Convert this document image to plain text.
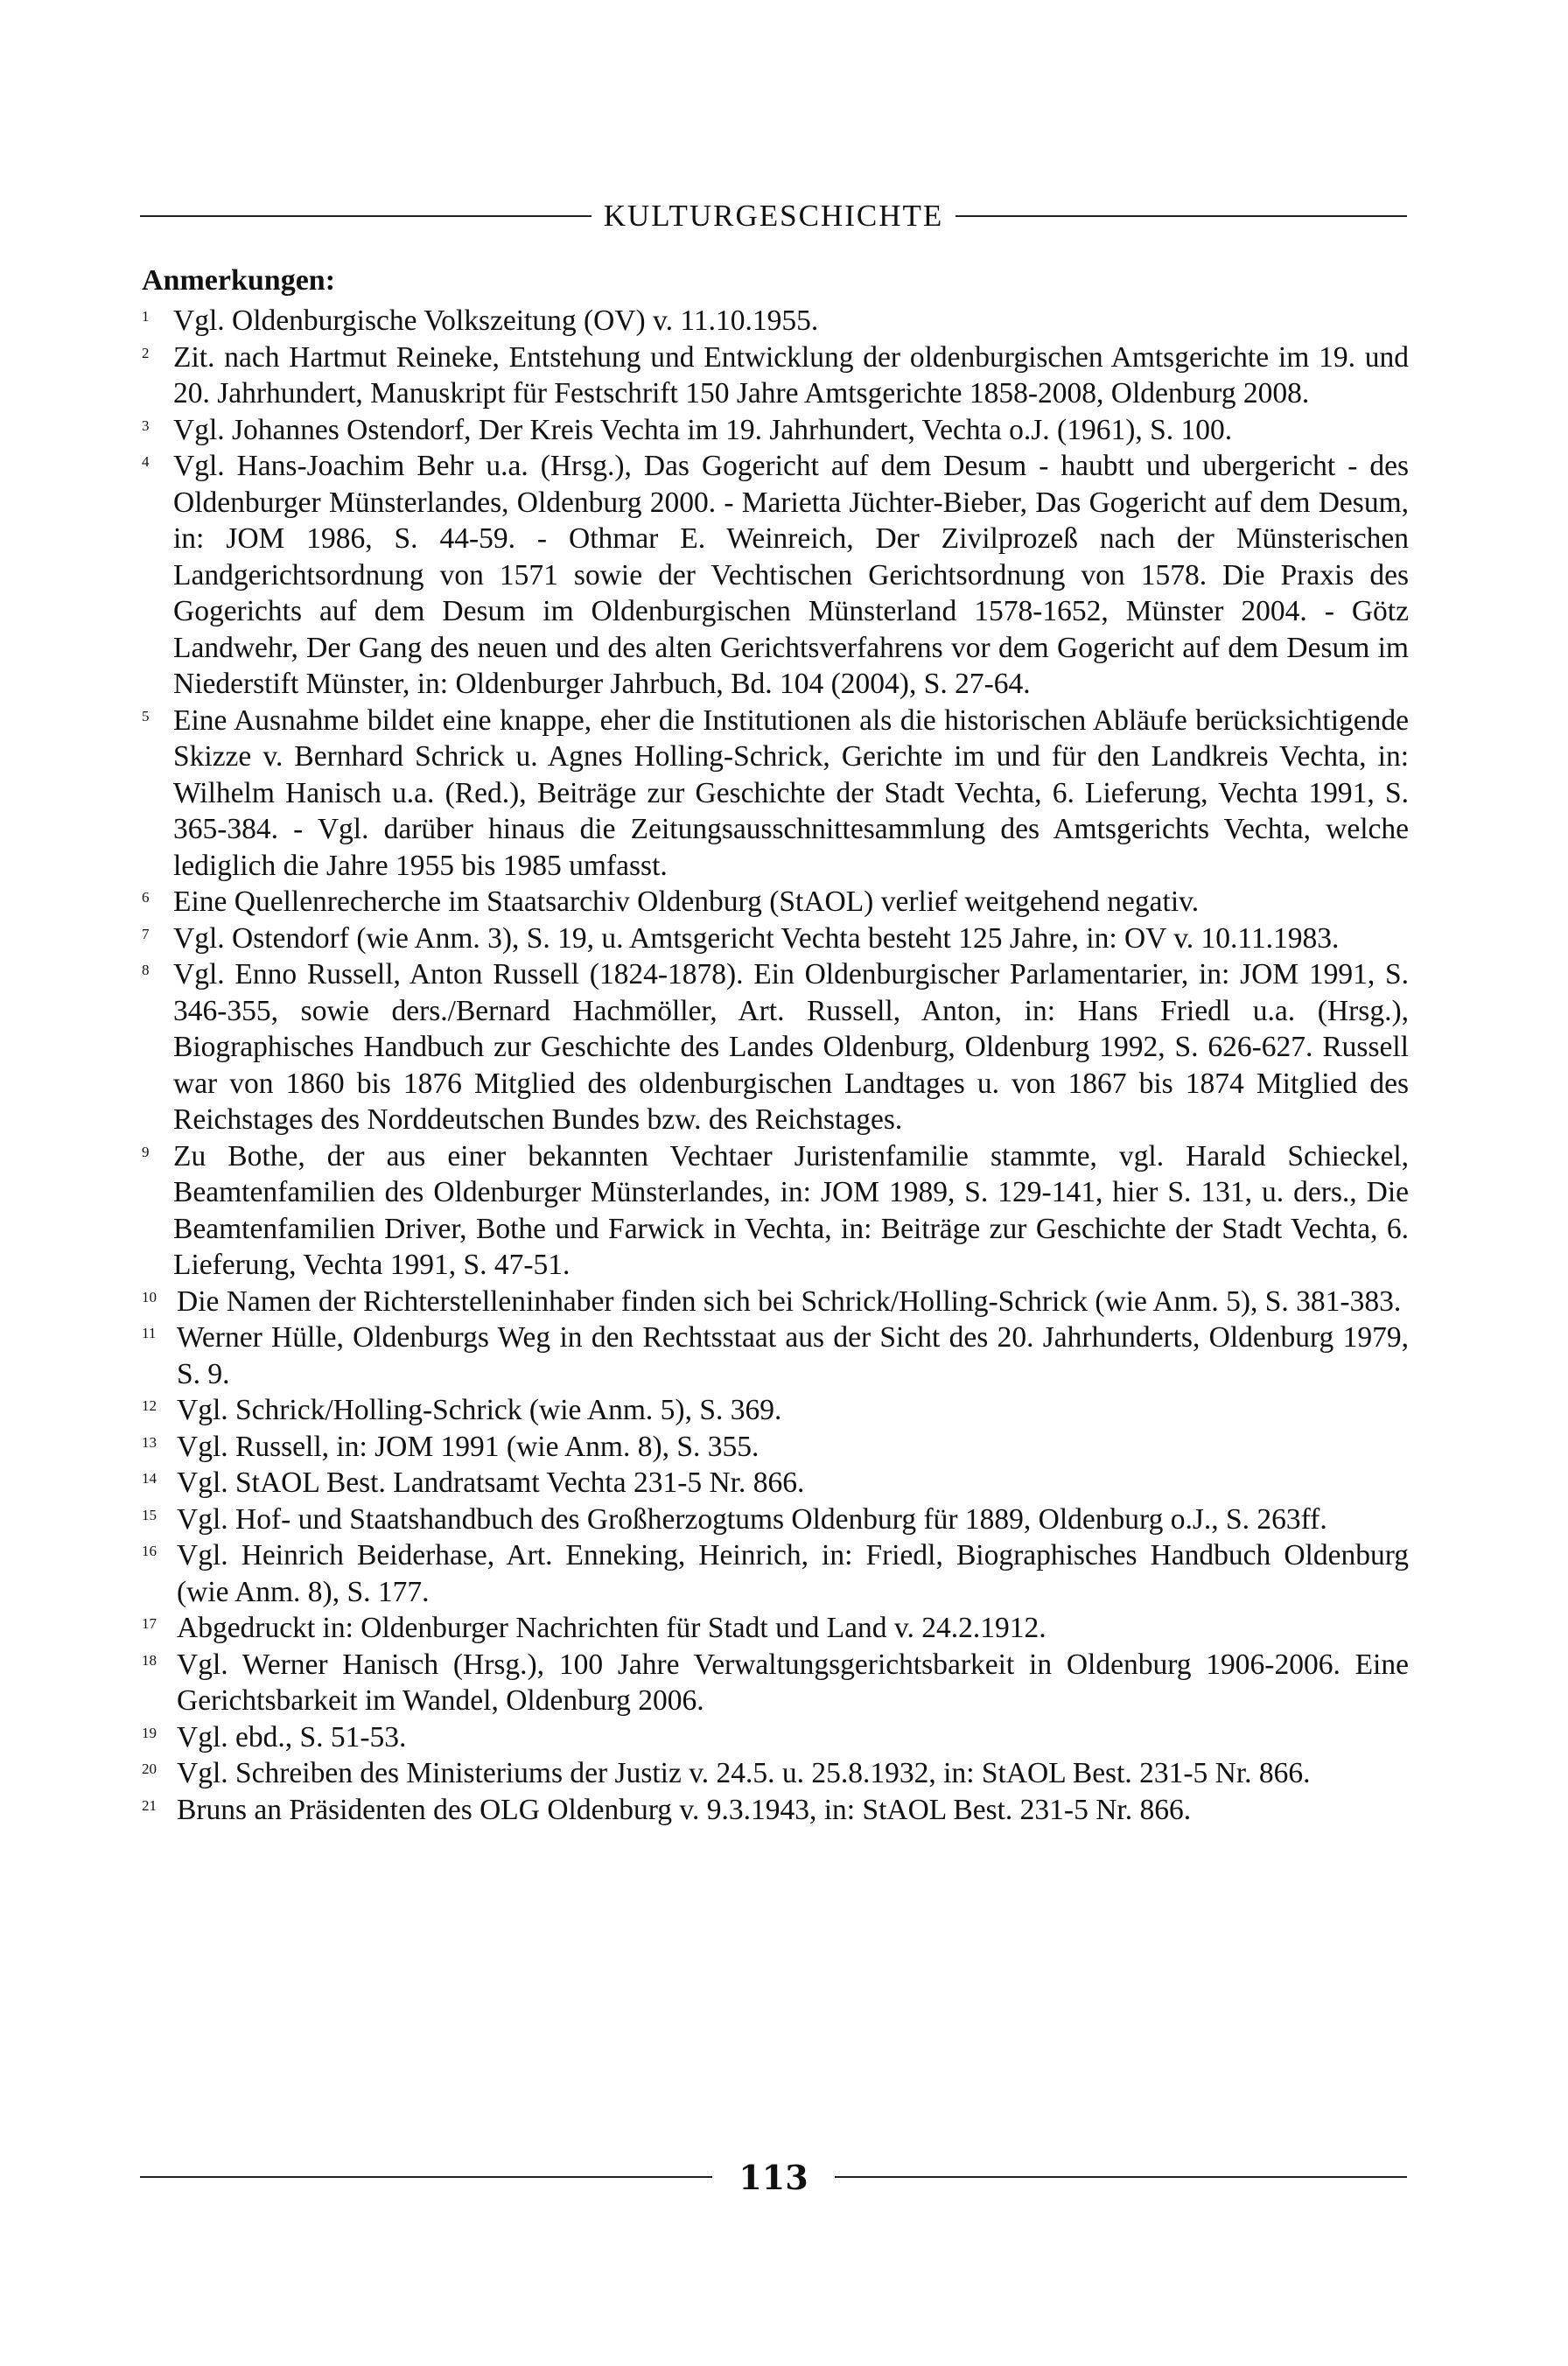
KULTURGESCHICHTE
Anmerkungen:
1 Vgl. Oldenburgische Volkszeitung (OV) v. 11.10.1955.
2 Zit. nach Hartmut Reineke, Entstehung und Entwicklung der oldenburgischen Amtsgerichte im 19. und 20. Jahrhundert, Manuskript für Festschrift 150 Jahre Amtsgerichte 1858-2008, Oldenburg 2008.
3 Vgl. Johannes Ostendorf, Der Kreis Vechta im 19. Jahrhundert, Vechta o.J. (1961), S. 100.
4 Vgl. Hans-Joachim Behr u.a. (Hrsg.), Das Gogericht auf dem Desum - haubtt und ubergericht - des Oldenburger Münsterlandes, Oldenburg 2000. - Marietta Jüchter-Bieber, Das Gogericht auf dem Desum, in: JOM 1986, S. 44-59. - Othmar E. Weinreich, Der Zivilprozeß nach der Münsterischen Landgerichtsordnung von 1571 sowie der Vechtischen Gerichtsordnung von 1578. Die Praxis des Gogerichts auf dem Desum im Oldenburgischen Münsterland 1578-1652, Münster 2004. - Götz Landwehr, Der Gang des neuen und des alten Gerichtsverfahrens vor dem Gogericht auf dem Desum im Niederstift Münster, in: Oldenburger Jahrbuch, Bd. 104 (2004), S. 27-64.
5 Eine Ausnahme bildet eine knappe, eher die Institutionen als die historischen Abläufe berücksichtigende Skizze v. Bernhard Schrick u. Agnes Holling-Schrick, Gerichte im und für den Landkreis Vechta, in: Wilhelm Hanisch u.a. (Red.), Beiträge zur Geschichte der Stadt Vechta, 6. Lieferung, Vechta 1991, S. 365-384. - Vgl. darüber hinaus die Zeitungsausschnittesammlung des Amtsgerichts Vechta, welche lediglich die Jahre 1955 bis 1985 umfasst.
6 Eine Quellenrecherche im Staatsarchiv Oldenburg (StAOL) verlief weitgehend negativ.
7 Vgl. Ostendorf (wie Anm. 3), S. 19, u. Amtsgericht Vechta besteht 125 Jahre, in: OV v. 10.11.1983.
8 Vgl. Enno Russell, Anton Russell (1824-1878). Ein Oldenburgischer Parlamentarier, in: JOM 1991, S. 346-355, sowie ders./Bernard Hachmöller, Art. Russell, Anton, in: Hans Friedl u.a. (Hrsg.), Biographisches Handbuch zur Geschichte des Landes Oldenburg, Oldenburg 1992, S. 626-627. Russell war von 1860 bis 1876 Mitglied des oldenburgischen Landtages u. von 1867 bis 1874 Mitglied des Reichstages des Norddeutschen Bundes bzw. des Reichstages.
9 Zu Bothe, der aus einer bekannten Vechtaer Juristenfamilie stammte, vgl. Harald Schieckel, Beamtenfamilien des Oldenburger Münsterlandes, in: JOM 1989, S. 129-141, hier S. 131, u. ders., Die Beamtenfamilien Driver, Bothe und Farwick in Vechta, in: Beiträge zur Geschichte der Stadt Vechta, 6. Lieferung, Vechta 1991, S. 47-51.
10 Die Namen der Richterstelleninhaber finden sich bei Schrick/Holling-Schrick (wie Anm. 5), S. 381-383.
11 Werner Hülle, Oldenburgs Weg in den Rechtsstaat aus der Sicht des 20. Jahrhunderts, Oldenburg 1979, S. 9.
12 Vgl. Schrick/Holling-Schrick (wie Anm. 5), S. 369.
13 Vgl. Russell, in: JOM 1991 (wie Anm. 8), S. 355.
14 Vgl. StAOL Best. Landratsamt Vechta 231-5 Nr. 866.
15 Vgl. Hof- und Staatshandbuch des Großherzogtums Oldenburg für 1889, Oldenburg o.J., S. 263ff.
16 Vgl. Heinrich Beiderhase, Art. Enneking, Heinrich, in: Friedl, Biographisches Handbuch Oldenburg (wie Anm. 8), S. 177.
17 Abgedruckt in: Oldenburger Nachrichten für Stadt und Land v. 24.2.1912.
18 Vgl. Werner Hanisch (Hrsg.), 100 Jahre Verwaltungsgerichtsbarkeit in Oldenburg 1906-2006. Eine Gerichtsbarkeit im Wandel, Oldenburg 2006.
19 Vgl. ebd., S. 51-53.
20 Vgl. Schreiben des Ministeriums der Justiz v. 24.5. u. 25.8.1932, in: StAOL Best. 231-5 Nr. 866.
21 Bruns an Präsidenten des OLG Oldenburg v. 9.3.1943, in: StAOL Best. 231-5 Nr. 866.
113
